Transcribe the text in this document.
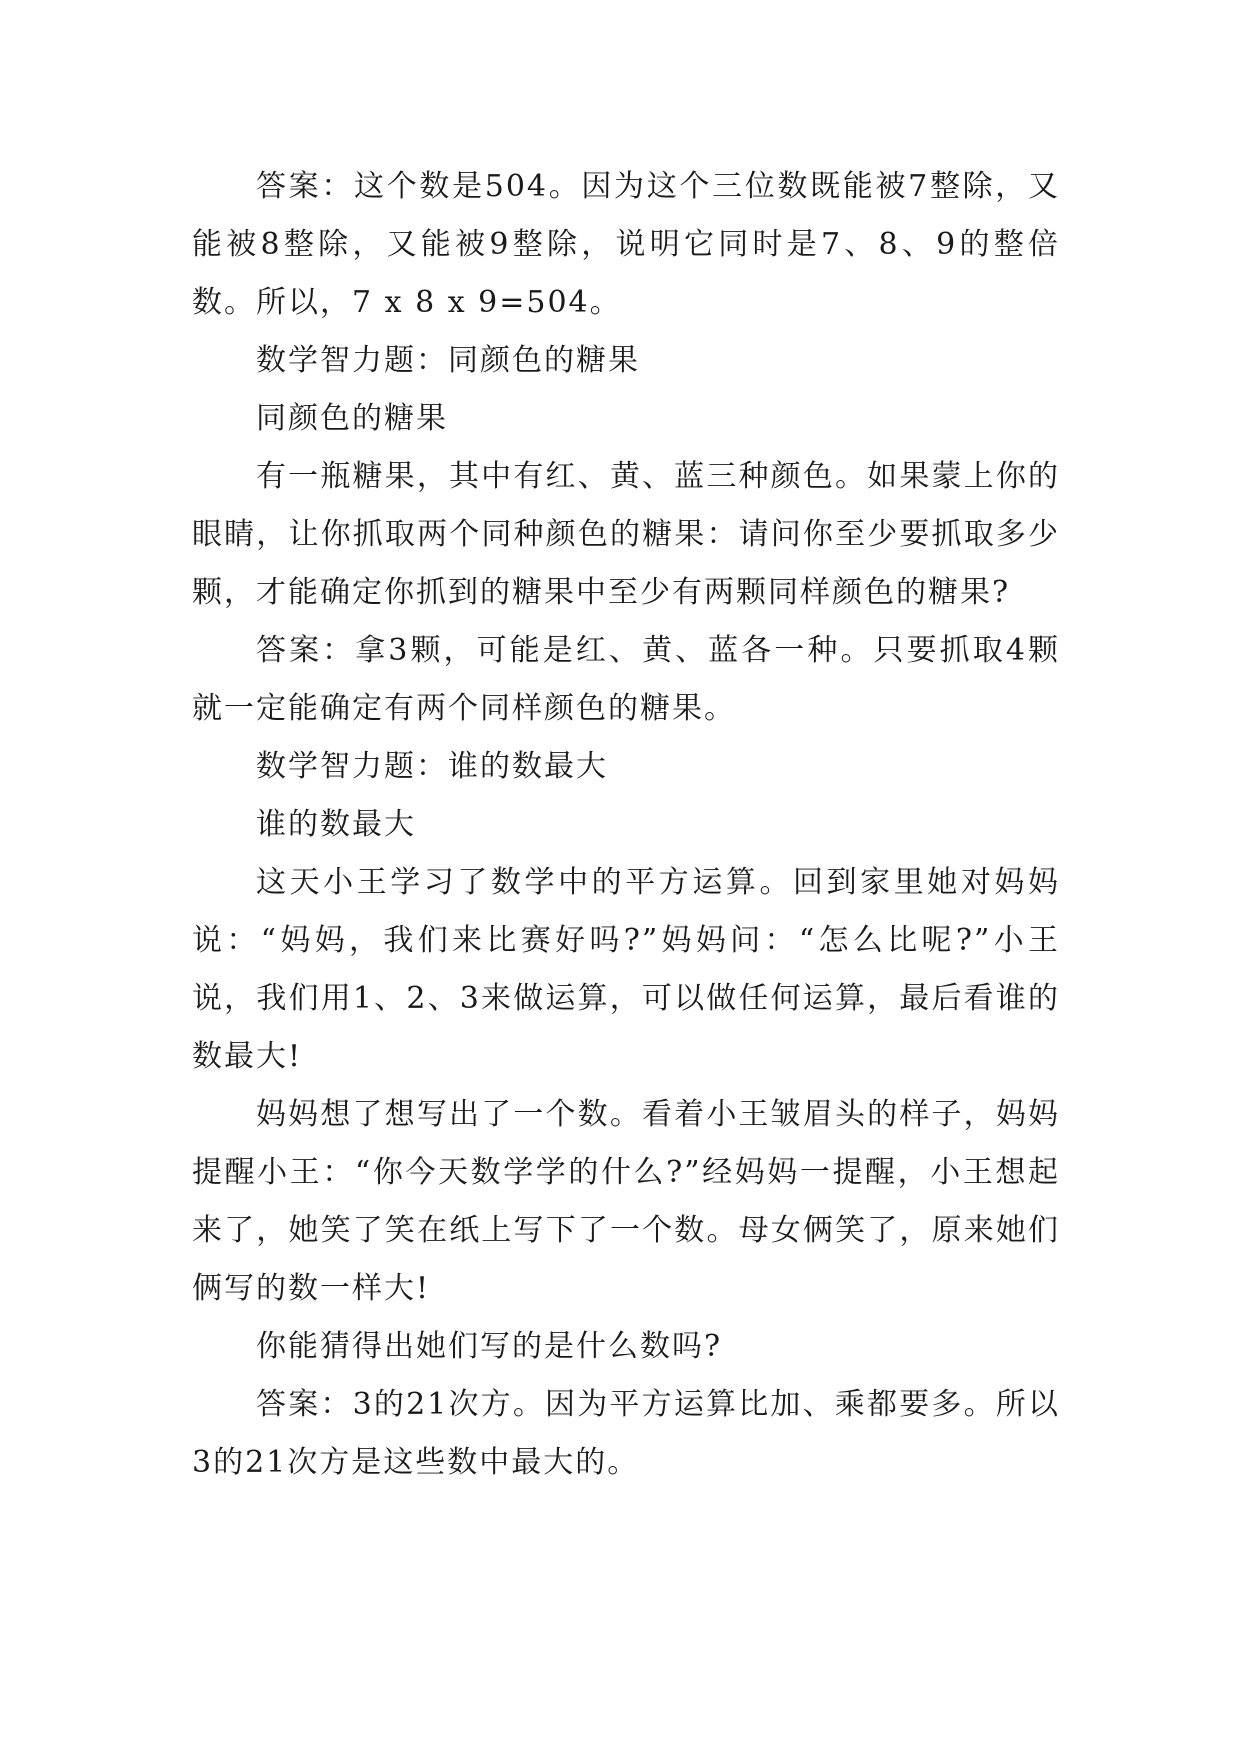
答案：这个数是504。因为这个三位数既能被7整除，又能被8整除，又能被9整除，说明它同时是7、8、9的整倍数。所以，7 x 8 x 9=504。

数学智力题：同颜色的糖果

同颜色的糖果

有一瓶糖果，其中有红、黄、蓝三种颜色。如果蒙上你的眼睛，让你抓取两个同种颜色的糖果：请问你至少要抓取多少颗，才能确定你抓到的糖果中至少有两颗同样颜色的糖果?

答案：拿3颗，可能是红、黄、蓝各一种。只要抓取4颗就一定能确定有两个同样颜色的糖果。

数学智力题：谁的数最大

谁的数最大

这天小王学习了数学中的平方运算。回到家里她对妈妈说：“妈妈，我们来比赛好吗?”妈妈问：“怎么比呢?”小王说，我们用1、2、3来做运算，可以做任何运算，最后看谁的数最大!

妈妈想了想写出了一个数。看着小王皱眉头的样子，妈妈提醒小王：“你今天数学学的什么?”经妈妈一提醒，小王想起来了，她笑了笑在纸上写下了一个数。母女俩笑了，原来她们俩写的数一样大!

你能猜得出她们写的是什么数吗?

答案：3的21次方。因为平方运算比加、乘都要多。所以3的21次方是这些数中最大的。
